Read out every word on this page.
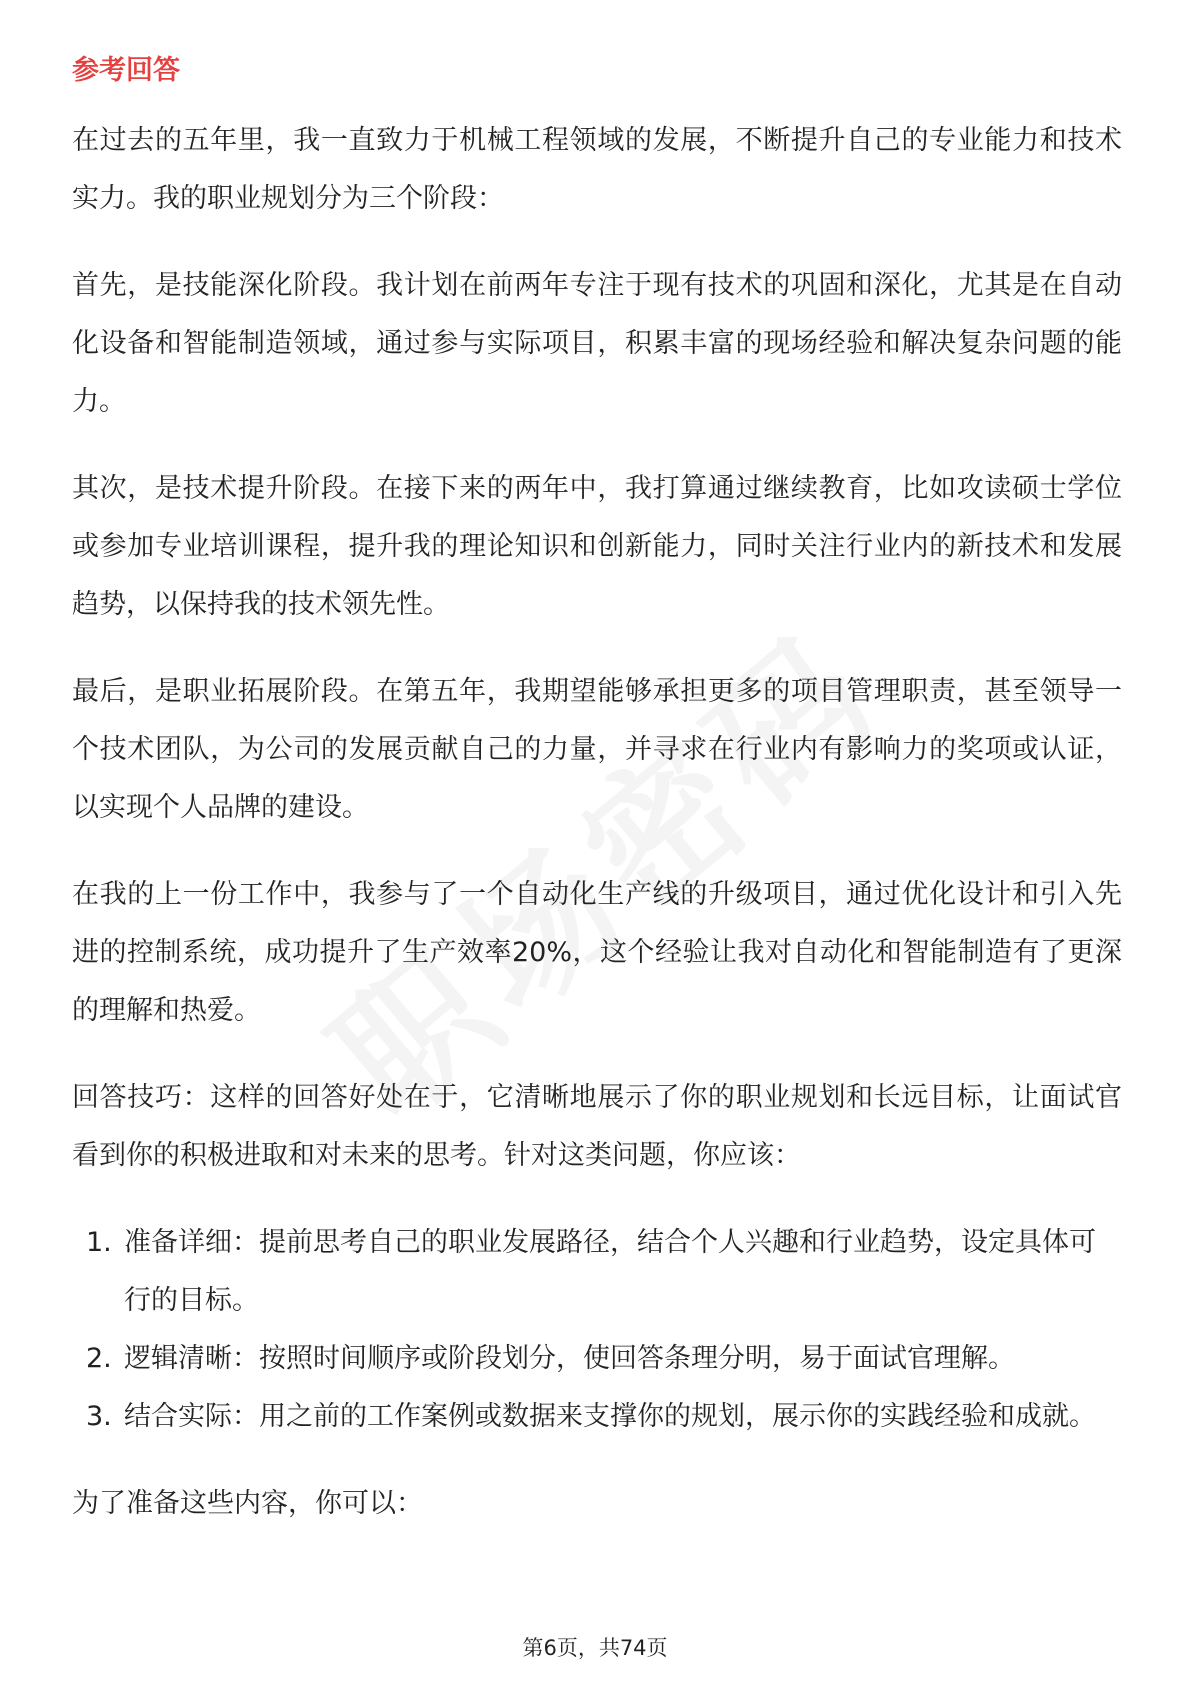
参考回答

在过去的五年里，我一直致力于机械工程领域的发展，不断提升自己的专业能力和技术实力。我的职业规划分为三个阶段：

首先，是技能深化阶段。我计划在前两年专注于现有技术的巩固和深化，尤其是在自动化设备和智能制造领域，通过参与实际项目，积累丰富的现场经验和解决复杂问题的能力。

其次，是技术提升阶段。在接下来的两年中，我打算通过继续教育，比如攻读硕士学位或参加专业培训课程，提升我的理论知识和创新能力，同时关注行业内的新技术和发展趋势，以保持我的技术领先性。

最后，是职业拓展阶段。在第五年，我期望能够承担更多的项目管理职责，甚至领导一个技术团队，为公司的发展贡献自己的力量，并寻求在行业内有影响力的奖项或认证，以实现个人品牌的建设。

在我的上一份工作中，我参与了一个自动化生产线的升级项目，通过优化设计和引入先进的控制系统，成功提升了生产效率20%，这个经验让我对自动化和智能制造有了更深的理解和热爱。

回答技巧：这样的回答好处在于，它清晰地展示了你的职业规划和长远目标，让面试官看到你的积极进取和对未来的思考。针对这类问题，你应该：

1. 准备详细：提前思考自己的职业发展路径，结合个人兴趣和行业趋势，设定具体可行的目标。
2. 逻辑清晰：按照时间顺序或阶段划分，使回答条理分明，易于面试官理解。
3. 结合实际：用之前的工作案例或数据来支撑你的规划，展示你的实践经验和成就。

为了准备这些内容，你可以：

第6页，共74页
